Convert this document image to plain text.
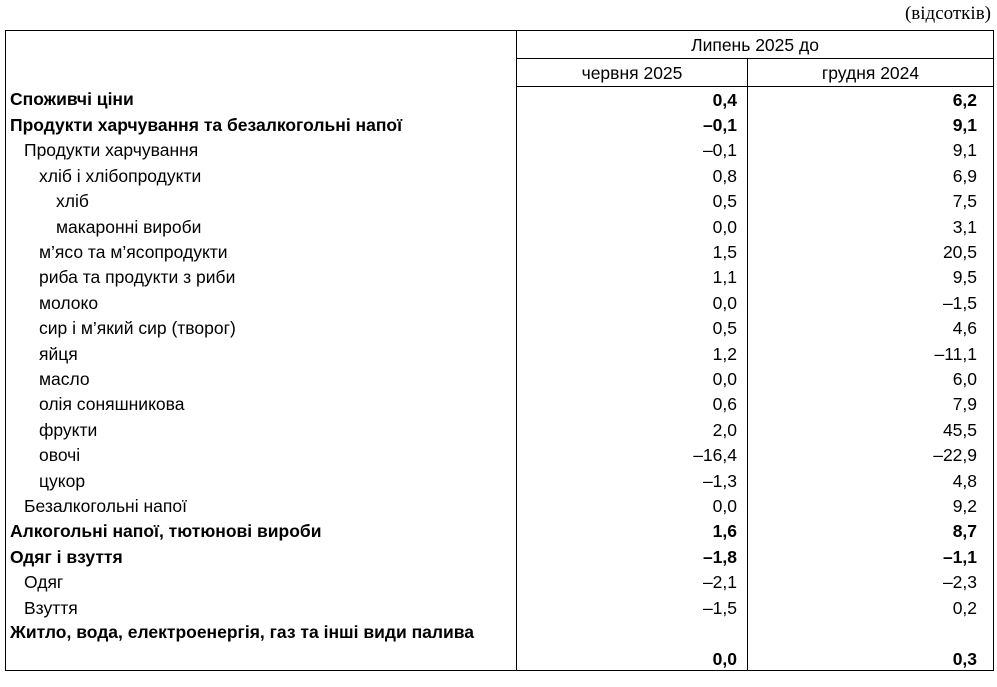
(відсотків)
	Липень 2025 до	
	червня 2025	грудня 2024
Споживчі ціни	0,4	6,2
Продукти харчування та безалкогольні напої	–0,1	9,1
Продукти харчування	–0,1	9,1
хліб і хлібопродукти	0,8	6,9
хліб	0,5	7,5
макаронні вироби	0,0	3,1
м’ясо та м’ясопродукти	1,5	20,5
риба та продукти з риби	1,1	9,5
молоко	0,0	–1,5
сир і м’який сир (творог)	0,5	4,6
яйця	1,2	–11,1
масло	0,0	6,0
олія соняшникова	0,6	7,9
фрукти	2,0	45,5
овочі	–16,4	–22,9
цукор	–1,3	4,8
Безалкогольні напої	0,0	9,2
Алкогольні напої, тютюнові вироби	1,6	8,7
Одяг і взуття	–1,8	–1,1
Одяг	–2,1	–2,3
Взуття	–1,5	0,2
Житло, вода, електроенергія, газ та інші види палива	0,0	0,3
